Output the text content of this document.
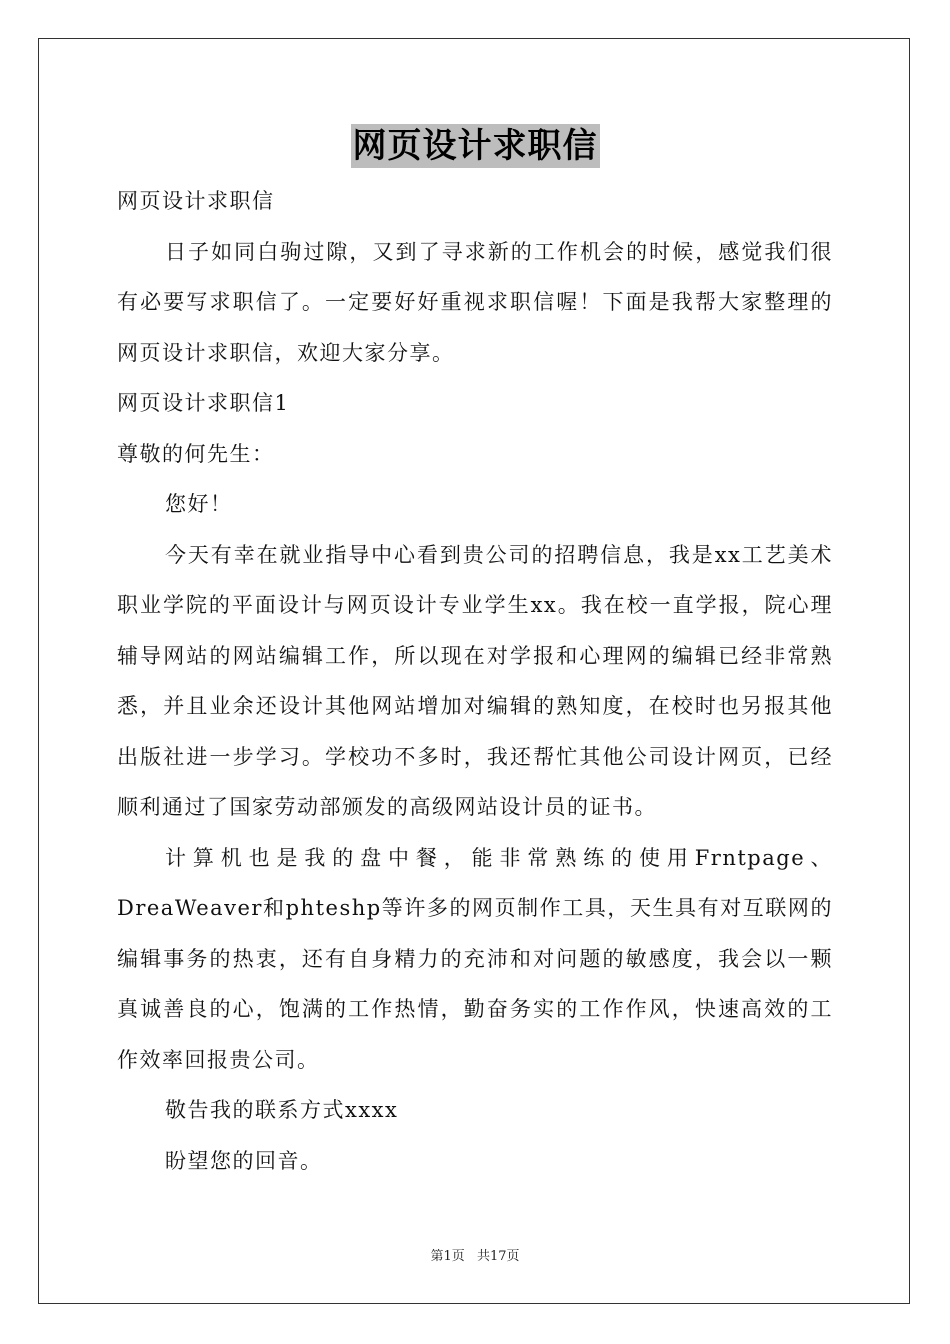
网页设计求职信

网页设计求职信

日子如同白驹过隙，又到了寻求新的工作机会的时候，感觉我们很有必要写求职信了。一定要好好重视求职信喔！下面是我帮大家整理的网页设计求职信，欢迎大家分享。

网页设计求职信1

尊敬的何先生：

您好！

今天有幸在就业指导中心看到贵公司的招聘信息，我是xx工艺美术职业学院的平面设计与网页设计专业学生xx。我在校一直学报，院心理辅导网站的网站编辑工作，所以现在对学报和心理网的编辑已经非常熟悉，并且业余还设计其他网站增加对编辑的熟知度，在校时也另报其他出版社进一步学习。学校功不多时，我还帮忙其他公司设计网页，已经顺利通过了国家劳动部颁发的高级网站设计员的证书。

计算机也是我的盘中餐，能非常熟练的使用Frntpage、DreaWeaver和phteshp等许多的网页制作工具，天生具有对互联网的编辑事务的热衷，还有自身精力的充沛和对问题的敏感度，我会以一颗真诚善良的心，饱满的工作热情，勤奋务实的工作作风，快速高效的工作效率回报贵公司。

敬告我的联系方式xxxx

盼望您的回音。

第1页 共17页
